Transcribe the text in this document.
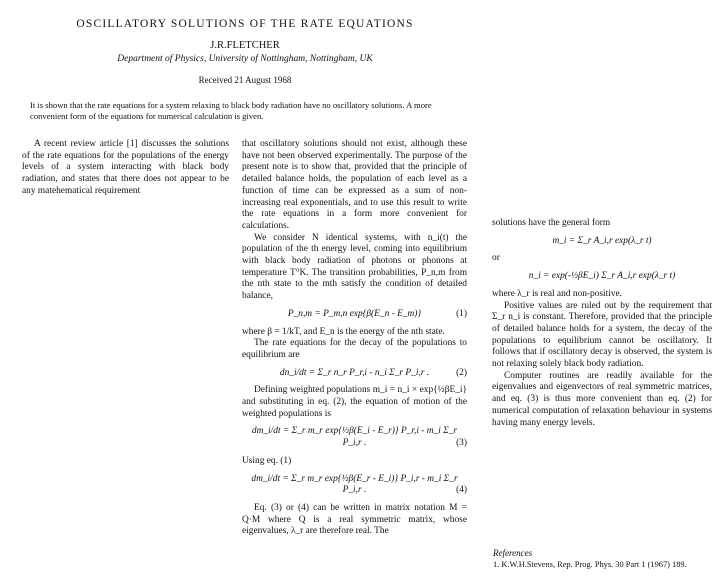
OSCILLATORY SOLUTIONS OF THE RATE EQUATIONS
J.R.FLETCHER
Department of Physics, University of Nottingham, Nottingham, UK
Received 21 August 1968
It is shown that the rate equations for a system relaxing to black body radiation have no oscillatory solutions. A more convenient form of the equations for numerical calculation is given.

A recent review article [1] discusses the solutions of the rate equations for the populations of the energy levels of a system interacting with black body radiation, and states that there does not appear to be any matehematical requirement

that oscillatory solutions should not exist, although these have not been observed experimentally. The purpose of the present note is to show that, provided that the principle of detailed balance holds, the population of each level as a function of time can be expressed as a sum of non-increasing real exponentials, and to use this result to write the rate equations in a form more convenient for calculations.

We consider N identical systems, with n_i(t) the population of the th energy level, coming into equilibrium with black body radiation of photons or phonons at temperature T°K. The transition probabilities, P_n,m from the nth state to the mth satisfy the condition of detailed balance,

P_n,m = P_m,n exp{β(E_n - E_m)}	(1)

where β = 1/kT, and E_n is the energy of the nth state.

The rate equations for the decay of the populations to equilibrium are

dn_i/dt = Σ_r n_r P_r,i - n_i Σ_r P_i,r .	(2)

Defining weighted populations m_i = n_i × exp{½βE_i} and substituting in eq. (2), the equation of motion of the weighted populations is

dm_i/dt = Σ_r m_r exp{½β(E_i - E_r)} P_r,i - m_i Σ_r P_i,r .	(3)

Using eq. (1)

dm_i/dt = Σ_r m_r exp{½β(E_r - E_i)} P_i,r - m_i Σ_r P_i,r .	(4)

Eq. (3) or (4) can be written in matrix notation M = Q·M where Q is a real symmetric matrix, whose eigenvalues, λ_r are therefore real. The

solutions have the general form

m_i = Σ_r A_i,r exp(λ_r t)

or

n_i = exp(-½βE_i) Σ_r A_i,r exp(λ_r t)

where λ_r is real and non-positive.

Positive values are ruled out by the requirement that Σ_r n_i is constant. Therefore, provided that the principle of detailed balance holds for a system, the decay of the populations to equilibrium cannot be oscillatory. It follows that if oscillatory decay is observed, the system is not relaxing solely black body radiation.

Computer routines are readily available for the eigenvalues and eigenvectors of real symmetric matrices, and eq. (3) is thus more convenient than eq. (2) for numerical computation of relaxation behaviour in systems having many energy levels.

References
1. K.W.H.Stevens, Rep. Prog. Phys. 30 Part 1 (1967) 189.
